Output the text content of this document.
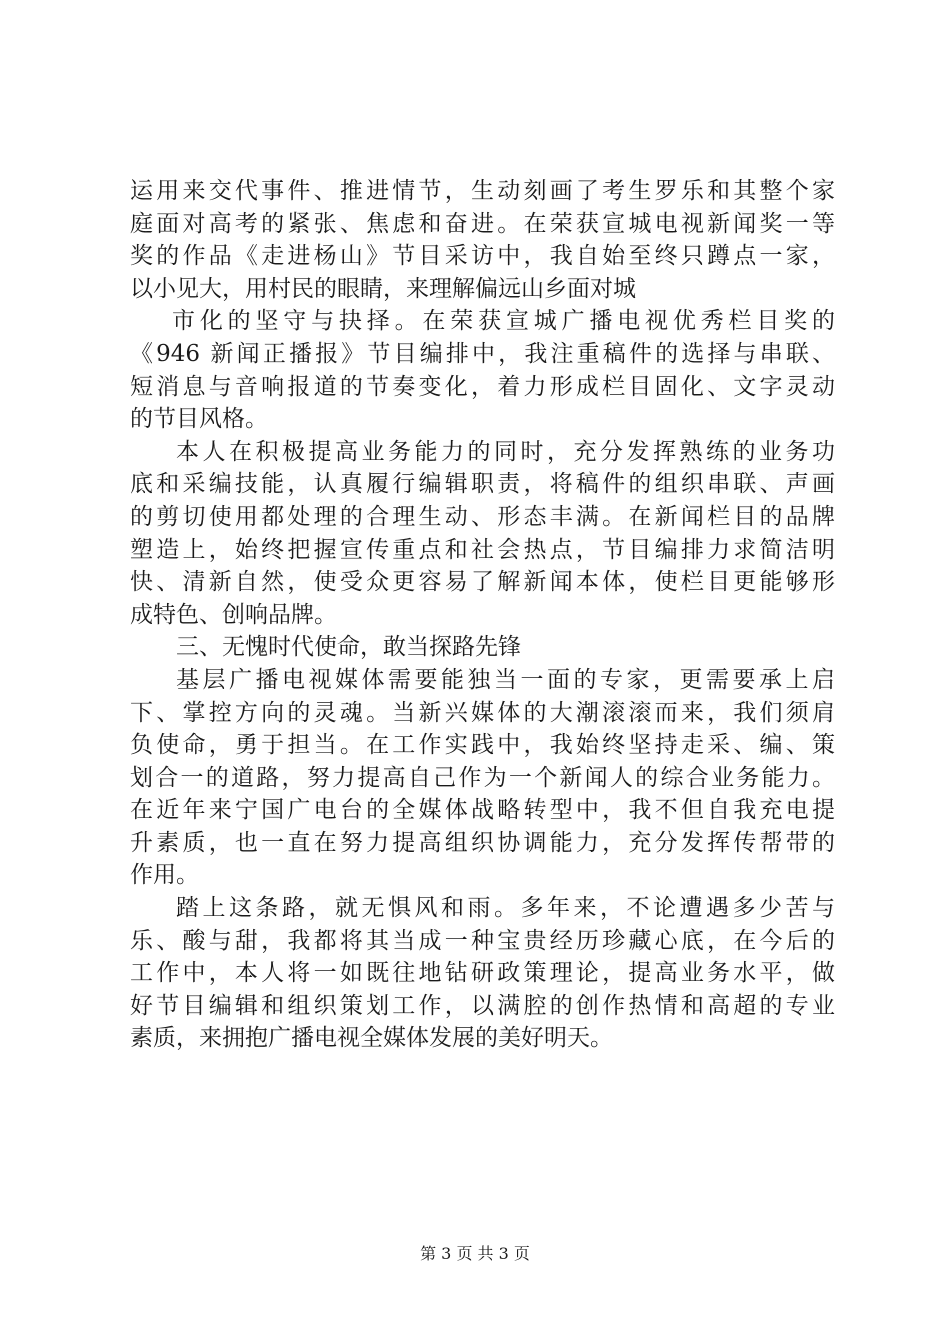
运用来交代事件、推进情节，生动刻画了考生罗乐和其整个家
庭面对高考的紧张、焦虑和奋进。在荣获宣城电视新闻奖一等
奖的作品《走进杨山》节目采访中，我自始至终只蹲点一家，
以小见大，用村民的眼睛，来理解偏远山乡面对城
市化的坚守与抉择。在荣获宣城广播电视优秀栏目奖的
《946 新闻正播报》节目编排中，我注重稿件的选择与串联、
短消息与音响报道的节奏变化，着力形成栏目固化、文字灵动
的节目风格。
本人在积极提高业务能力的同时，充分发挥熟练的业务功
底和采编技能，认真履行编辑职责，将稿件的组织串联、声画
的剪切使用都处理的合理生动、形态丰满。在新闻栏目的品牌
塑造上，始终把握宣传重点和社会热点，节目编排力求简洁明
快、清新自然，使受众更容易了解新闻本体，使栏目更能够形
成特色、创响品牌。
三、无愧时代使命，敢当探路先锋
基层广播电视媒体需要能独当一面的专家，更需要承上启
下、掌控方向的灵魂。当新兴媒体的大潮滚滚而来，我们须肩
负使命，勇于担当。在工作实践中，我始终坚持走采、编、策
划合一的道路，努力提高自己作为一个新闻人的综合业务能力。
在近年来宁国广电台的全媒体战略转型中，我不但自我充电提
升素质，也一直在努力提高组织协调能力，充分发挥传帮带的
作用。
踏上这条路，就无惧风和雨。多年来，不论遭遇多少苦与
乐、酸与甜，我都将其当成一种宝贵经历珍藏心底，在今后的
工作中，本人将一如既往地钻研政策理论，提高业务水平，做
好节目编辑和组织策划工作，以满腔的创作热情和高超的专业
素质，来拥抱广播电视全媒体发展的美好明天。
第 3 页 共 3 页
